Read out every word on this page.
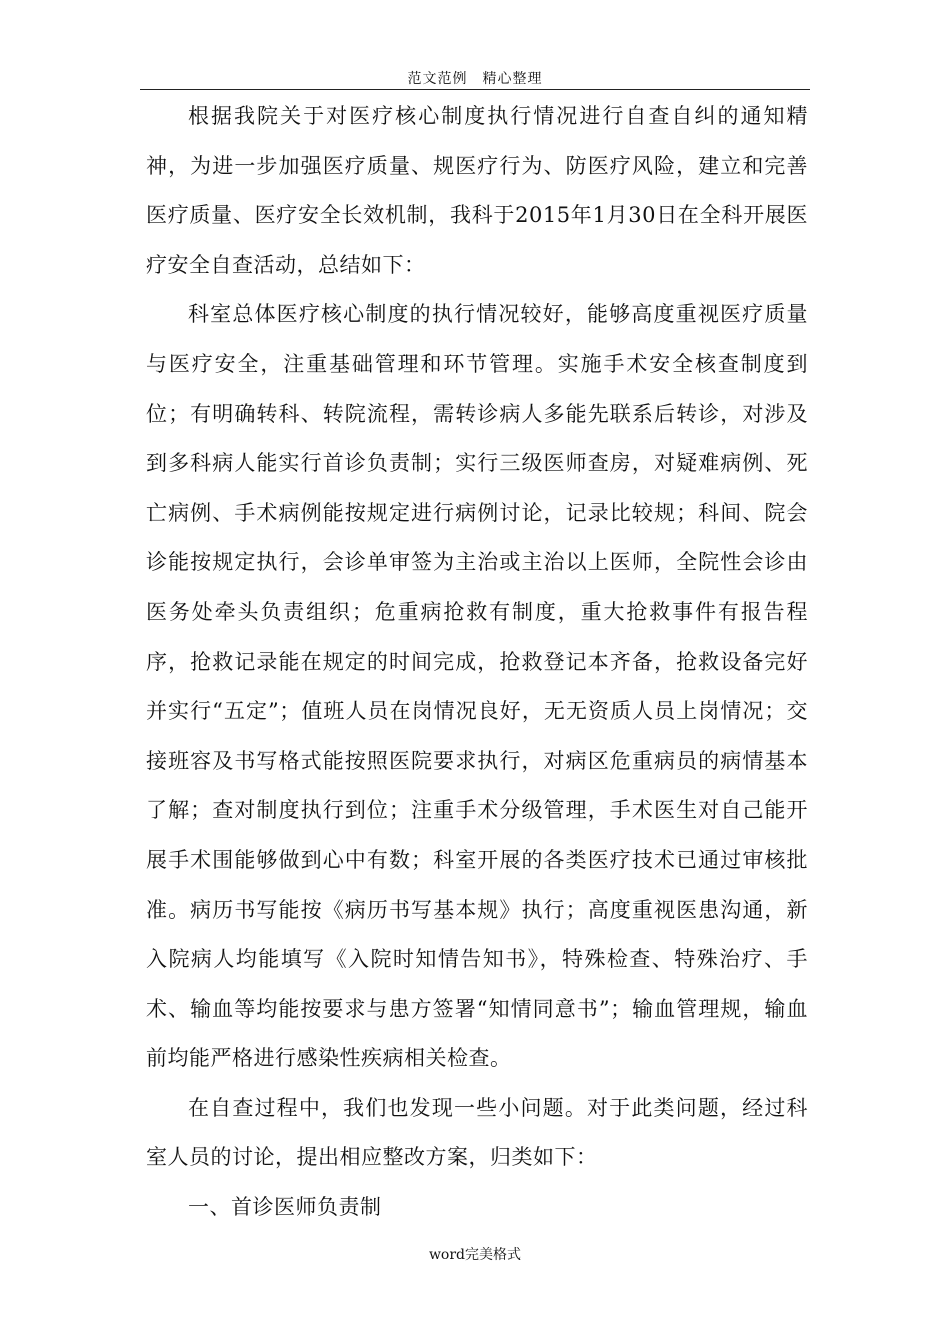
范文范例　精心整理

根据我院关于对医疗核心制度执行情况进行自查自纠的通知精神，为进一步加强医疗质量、规医疗行为、防医疗风险，建立和完善医疗质量、医疗安全长效机制，我科于2015年1月30日在全科开展医疗安全自查活动，总结如下：

科室总体医疗核心制度的执行情况较好，能够高度重视医疗质量与医疗安全，注重基础管理和环节管理。实施手术安全核查制度到位；有明确转科、转院流程，需转诊病人多能先联系后转诊，对涉及到多科病人能实行首诊负责制；实行三级医师查房，对疑难病例、死亡病例、手术病例能按规定进行病例讨论，记录比较规；科间、院会诊能按规定执行，会诊单审签为主治或主治以上医师，全院性会诊由医务处牵头负责组织；危重病抢救有制度，重大抢救事件有报告程序，抢救记录能在规定的时间完成，抢救登记本齐备，抢救设备完好并实行“五定”；值班人员在岗情况良好，无无资质人员上岗情况；交接班容及书写格式能按照医院要求执行，对病区危重病员的病情基本了解；查对制度执行到位；注重手术分级管理，手术医生对自己能开展手术围能够做到心中有数；科室开展的各类医疗技术已通过审核批准。病历书写能按《病历书写基本规》执行；高度重视医患沟通，新入院病人均能填写《入院时知情告知书》，特殊检查、特殊治疗、手术、输血等均能按要求与患方签署“知情同意书”；输血管理规，输血前均能严格进行感染性疾病相关检查。

在自查过程中，我们也发现一些小问题。对于此类问题，经过科室人员的讨论，提出相应整改方案，归类如下：

一、首诊医师负责制

word完美格式
